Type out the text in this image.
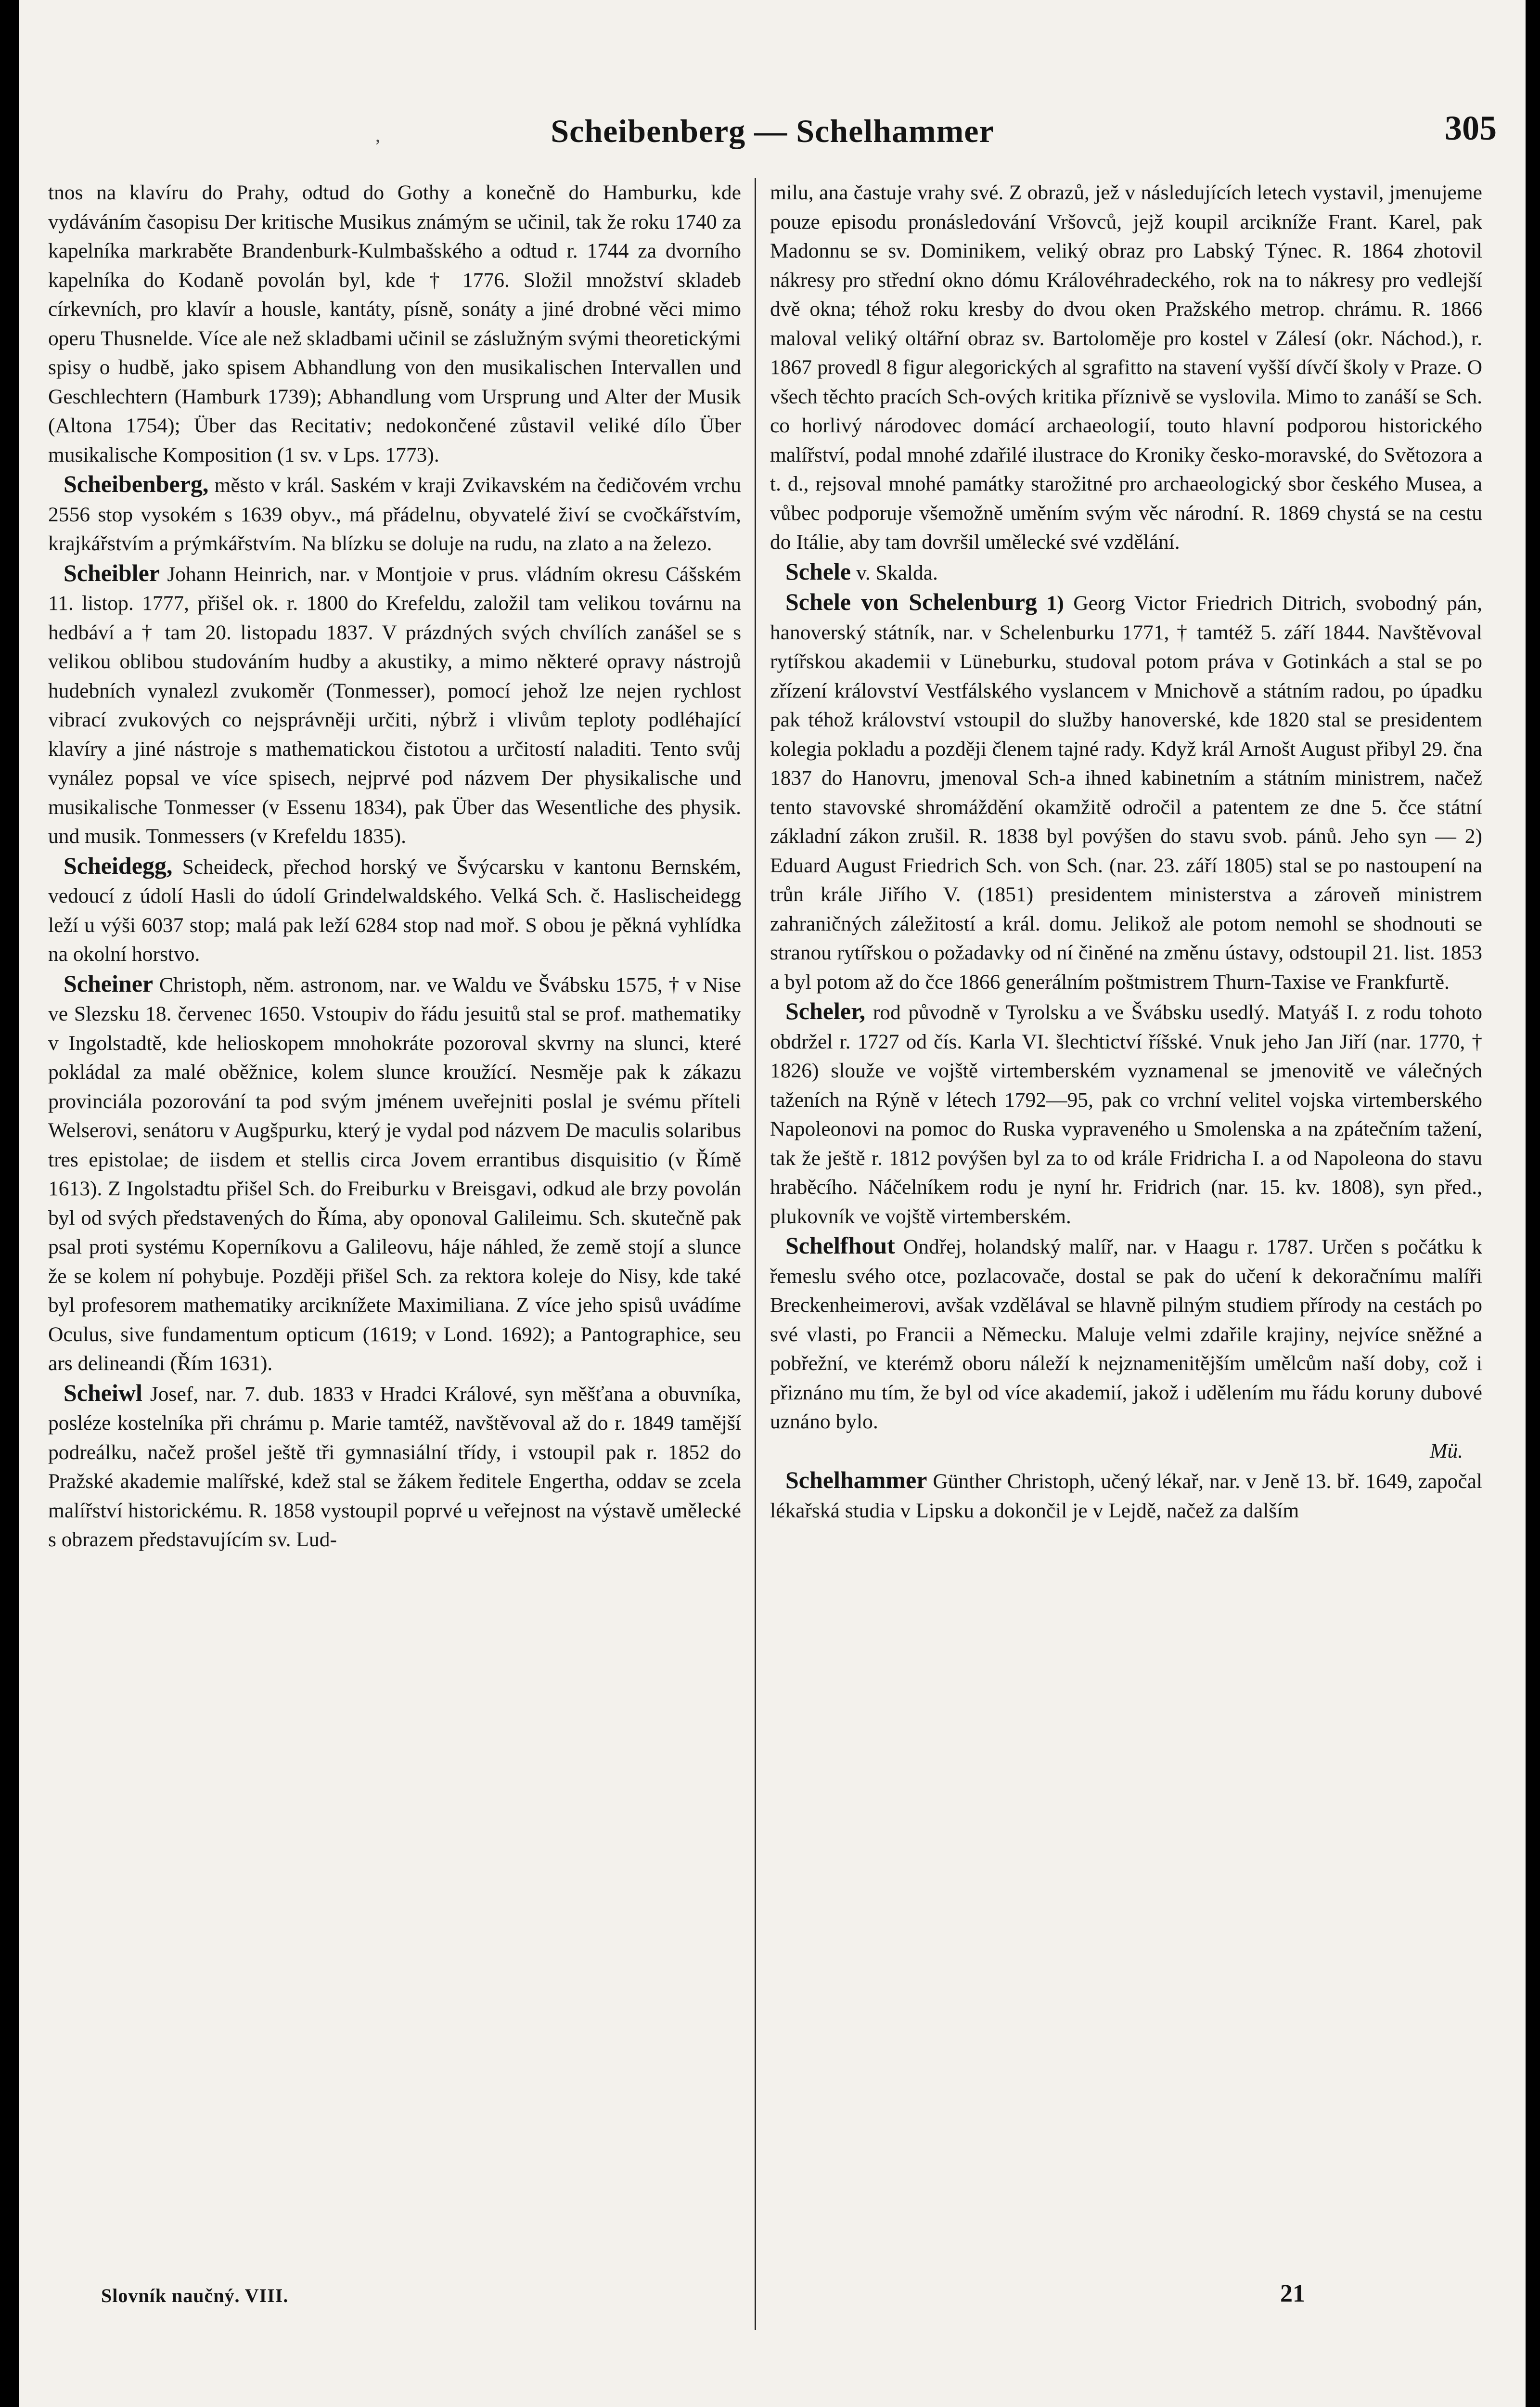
,	Scheibenberg — Schelhammer	305

tnos na klavíru do Prahy, odtud do Gothy a konečně do Hamburku, kde vydáváním časopisu Der kritische Musikus známým se učinil, tak že roku 1740 za kapelníka markraběte Brandenburk-Kulmbašského a odtud r. 1744 za dvorního kapelníka do Kodaně povolán byl, kde † 1776. Složil množství skladeb církevních, pro klavír a housle, kantáty, písně, sonáty a jiné drobné věci mimo operu Thusnelde. Více ale než skladbami učinil se záslužným svými theoretickými spisy o hudbě, jako spisem Abhandlung von den musikalischen Intervallen und Geschlechtern (Hamburk 1739); Abhandlung vom Ursprung und Alter der Musik (Altona 1754); Über das Recitativ; nedokončené zůstavil veliké dílo Über musikalische Komposition (1 sv. v Lps. 1773).

Scheibenberg, město v král. Saském v kraji Zvikavském na čedičovém vrchu 2556 stop vysokém s 1639 obyv., má přádelnu, obyvatelé živí se cvočkářstvím, krajkářstvím a prýmkářstvím. Na blízku se doluje na rudu, na zlato a na železo.

Scheibler Johann Heinrich, nar. v Montjoie v prus. vládním okresu Cášském 11. listop. 1777, přišel ok. r. 1800 do Krefeldu, založil tam velikou továrnu na hedbáví a † tam 20. listopadu 1837. V prázdných svých chvílích zanášel se s velikou oblibou studováním hudby a akustiky, a mimo některé opravy nástrojů hudebních vynalezl zvukoměr (Tonmesser), pomocí jehož lze nejen rychlost vibrací zvukových co nejsprávněji určiti, nýbrž i vlivům teploty podléhající klavíry a jiné nástroje s mathematickou čistotou a určitostí naladiti. Tento svůj vynález popsal ve více spisech, nejprvé pod názvem Der physikalische und musikalische Tonmesser (v Essenu 1834), pak Über das Wesentliche des physik. und musik. Tonmessers (v Krefeldu 1835).

Scheidegg, Scheideck, přechod horský ve Švýcarsku v kantonu Bernském, vedoucí z údolí Hasli do údolí Grindelwaldského. Velká Sch. č. Haslischeidegg leží u výši 6037 stop; malá pak leží 6284 stop nad moř. S obou je pěkná vyhlídka na okolní horstvo.

Scheiner Christoph, něm. astronom, nar. ve Waldu ve Švábsku 1575, † v Nise ve Slezsku 18. červenec 1650. Vstoupiv do řádu jesuitů stal se prof. mathematiky v Ingolstadtě, kde helioskopem mnohokráte pozoroval skvrny na slunci, které pokládal za malé oběžnice, kolem slunce kroužící. Nesměje pak k zákazu provinciála pozorování ta pod svým jménem uveřejniti poslal je svému příteli Welserovi, senátoru v Augšpurku, který je vydal pod názvem De maculis solaribus tres epistolae; de iisdem et stellis circa Jovem errantibus disquisitio (v Římě 1613). Z Ingolstadtu přišel Sch. do Freiburku v Breisgavi, odkud ale brzy povolán byl od svých představených do Říma, aby oponoval Galileimu. Sch. skutečně pak psal proti systému Koperníkovu a Galileovu, háje náhled, že země stojí a slunce že se kolem ní pohybuje. Později přišel Sch. za rektora koleje do Nisy, kde také byl profesorem mathematiky arciknížete Maximiliana. Z více jeho spisů uvádíme Oculus, sive fundamentum opticum (1619; v Lond. 1692); a Pantographice, seu ars delineandi (Řím 1631).

Scheiwl Josef, nar. 7. dub. 1833 v Hradci Králové, syn měšťana a obuvníka, posléze kostelníka při chrámu p. Marie tamtéž, navštěvoval až do r. 1849 tamější podreálku, načež prošel ještě tři gymnasiální třídy, i vstoupil pak r. 1852 do Pražské akademie malířské, kdež stal se žákem ředitele Engertha, oddav se zcela malířství historickému. R. 1858 vystoupil poprvé u veřejnost na výstavě umělecké s obrazem představujícím sv. Lud-

milu, ana častuje vrahy své. Z obrazů, jež v následujících letech vystavil, jmenujeme pouze episodu pronásledování Vršovců, jejž koupil arcikníže Frant. Karel, pak Madonnu se sv. Dominikem, veliký obraz pro Labský Týnec. R. 1864 zhotovil nákresy pro střední okno dómu Královéhradeckého, rok na to nákresy pro vedlejší dvě okna; téhož roku kresby do dvou oken Pražského metrop. chrámu. R. 1866 maloval veliký oltářní obraz sv. Bartoloměje pro kostel v Zálesí (okr. Náchod.), r. 1867 provedl 8 figur alegorických al sgrafitto na stavení vyšší dívčí školy v Praze. O všech těchto pracích Sch-ových kritika příznivě se vyslovila. Mimo to zanáší se Sch. co horlivý národovec domácí archaeologií, touto hlavní podporou historického malířství, podal mnohé zdařilé ilustrace do Kroniky česko-moravské, do Světozora a t. d., rejsoval mnohé památky starožitné pro archaeologický sbor českého Musea, a vůbec podporuje všemožně uměním svým věc národní. R. 1869 chystá se na cestu do Itálie, aby tam dovršil umělecké své vzdělání.

Schele v. Skalda.

Schele von Schelenburg 1) Georg Victor Friedrich Ditrich, svobodný pán, hanoverský státník, nar. v Schelenburku 1771, † tamtéž 5. září 1844. Navštěvoval rytířskou akademii v Lüneburku, studoval potom práva v Gotinkách a stal se po zřízení království Vestfálského vyslancem v Mnichově a státním radou, po úpadku pak téhož království vstoupil do služby hanoverské, kde 1820 stal se presidentem kolegia pokladu a později členem tajné rady. Když král Arnošt August přibyl 29. čna 1837 do Hanovru, jmenoval Sch-a ihned kabinetním a státním ministrem, načež tento stavovské shromáždění okamžitě odročil a patentem ze dne 5. čce státní základní zákon zrušil. R. 1838 byl povýšen do stavu svob. pánů. Jeho syn — 2) Eduard August Friedrich Sch. von Sch. (nar. 23. září 1805) stal se po nastoupení na trůn krále Jiřího V. (1851) presidentem ministerstva a zároveň ministrem zahraničných záležitostí a král. domu. Jelikož ale potom nemohl se shodnouti se stranou rytířskou o požadavky od ní činěné na změnu ústavy, odstoupil 21. list. 1853 a byl potom až do čce 1866 generálním poštmistrem Thurn-Taxise ve Frankfurtě.

Scheler, rod původně v Tyrolsku a ve Švábsku usedlý. Matyáš I. z rodu tohoto obdržel r. 1727 od čís. Karla VI. šlechtictví říšské. Vnuk jeho Jan Jiří (nar. 1770, † 1826) slouže ve vojště virtemberském vyznamenal se jmenovitě ve válečných taženích na Rýně v létech 1792—95, pak co vrchní velitel vojska virtemberského Napoleonovi na pomoc do Ruska vypraveného u Smolenska a na zpátečním tažení, tak že ještě r. 1812 povýšen byl za to od krále Fridricha I. a od Napoleona do stavu hraběcího. Náčelníkem rodu je nyní hr. Fridrich (nar. 15. kv. 1808), syn před., plukovník ve vojště virtemberském.

Schelfhout Ondřej, holandský malíř, nar. v Haagu r. 1787. Určen s počátku k řemeslu svého otce, pozlacovače, dostal se pak do učení k dekoračnímu malíři Breckenheimerovi, avšak vzdělával se hlavně pilným studiem přírody na cestách po své vlasti, po Francii a Německu. Maluje velmi zdařile krajiny, nejvíce sněžné a pobřežní, ve kterémž oboru náleží k nejznamenitějším umělcům naší doby, což i přiznáno mu tím, že byl od více akademií, jakož i udělením mu řádu koruny dubové uznáno bylo.

Mü.

Schelhammer Günther Christoph, učený lékař, nar. v Jeně 13. bř. 1649, započal lékařská studia v Lipsku a dokončil je v Lejdě, načež za dalším

Slovník naučný. VIII.	21
